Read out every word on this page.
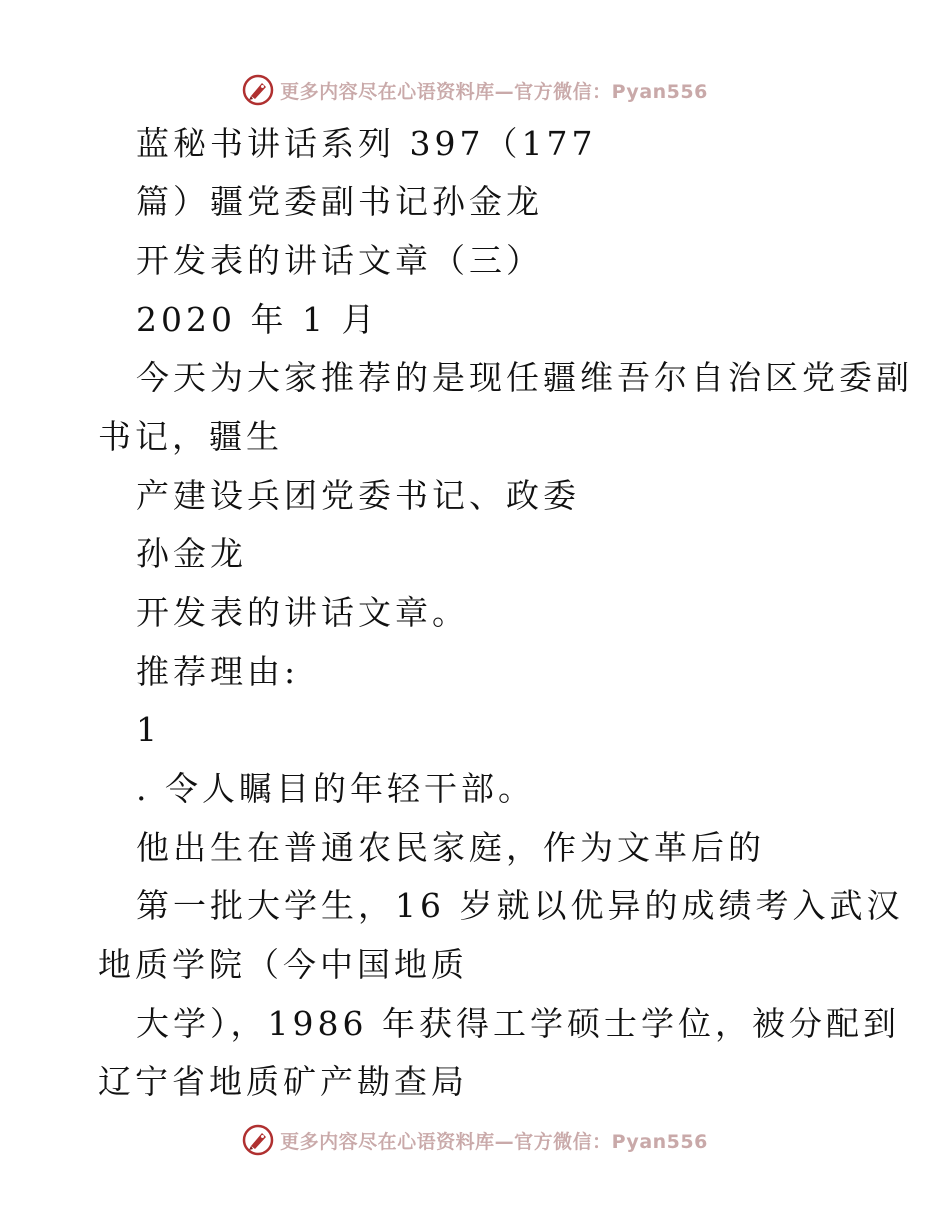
更多内容尽在心语资料库—官方微信：Pyan556
蓝秘书讲话系列 397（177
篇）疆党委副书记孙金龙
开发表的讲话文章（三）
2020 年 1 月
今天为大家推荐的是现任疆维吾尔自治区党委副
书记，疆生
产建设兵团党委书记、政委
孙金龙
开发表的讲话文章。
推荐理由:
1
. 令人瞩目的年轻干部。
他出生在普通农民家庭，作为文革后的
第一批大学生，16 岁就以优异的成绩考入武汉
地质学院（今中国地质
大学），1986 年获得工学硕士学位，被分配到
辽宁省地质矿产勘查局
更多内容尽在心语资料库—官方微信：Pyan556
